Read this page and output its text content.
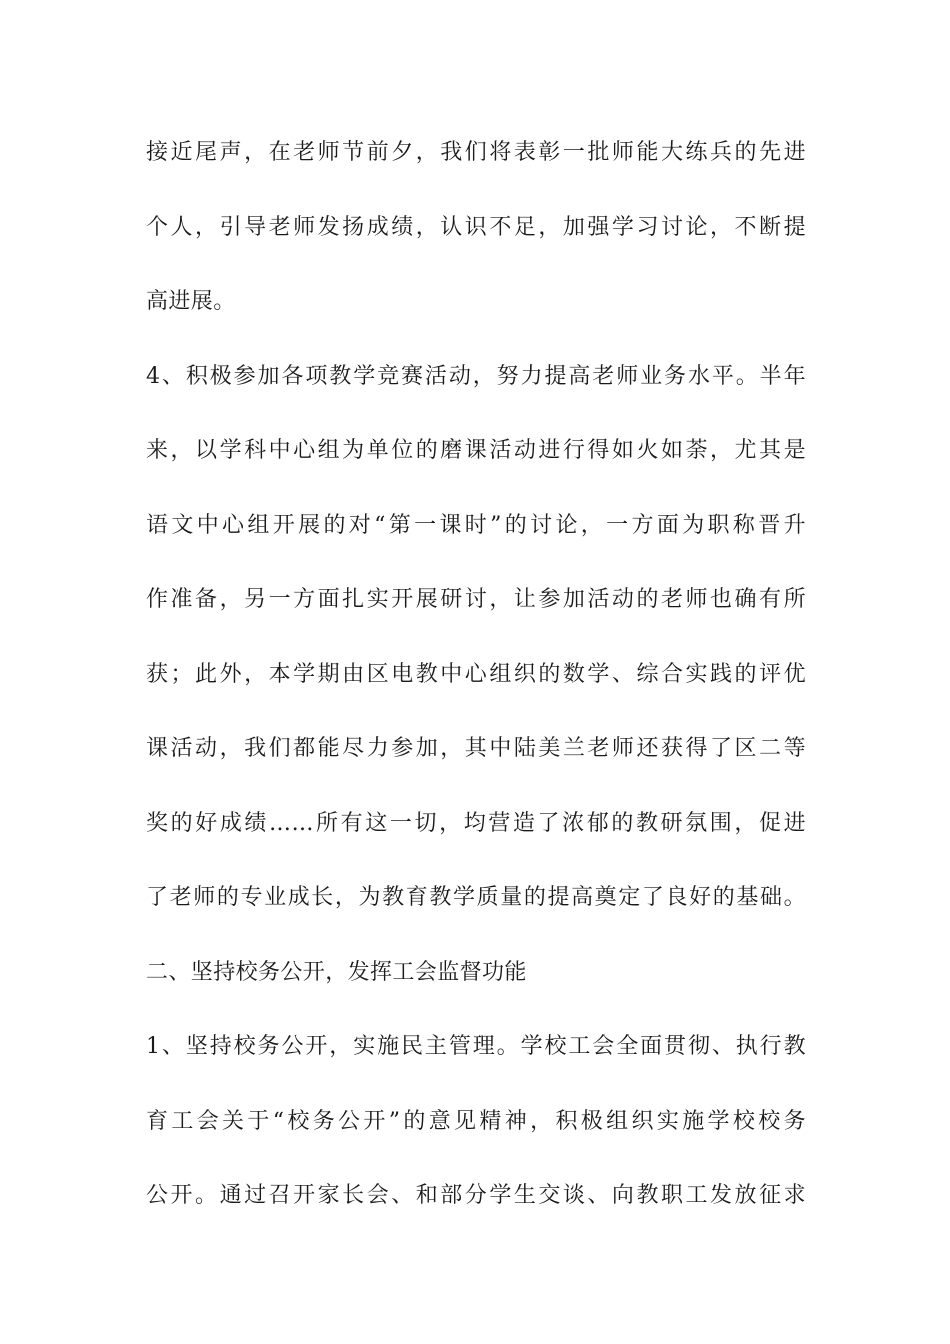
接近尾声，在老师节前夕，我们将表彰一批师能大练兵的先进
个人，引导老师发扬成绩，认识不足，加强学习讨论，不断提
高进展。
4、积极参加各项教学竞赛活动，努力提高老师业务水平。半年
来，以学科中心组为单位的磨课活动进行得如火如荼，尤其是
语文中心组开展的对“第一课时”的讨论，一方面为职称晋升
作准备，另一方面扎实开展研讨，让参加活动的老师也确有所
获；此外，本学期由区电教中心组织的数学、综合实践的评优
课活动，我们都能尽力参加，其中陆美兰老师还获得了区二等
奖的好成绩……所有这一切，均营造了浓郁的教研氛围，促进
了老师的专业成长，为教育教学质量的提高奠定了良好的基础。
二、坚持校务公开，发挥工会监督功能
1、坚持校务公开，实施民主管理。学校工会全面贯彻、执行教
育工会关于“校务公开”的意见精神，积极组织实施学校校务
公开。通过召开家长会、和部分学生交谈、向教职工发放征求
